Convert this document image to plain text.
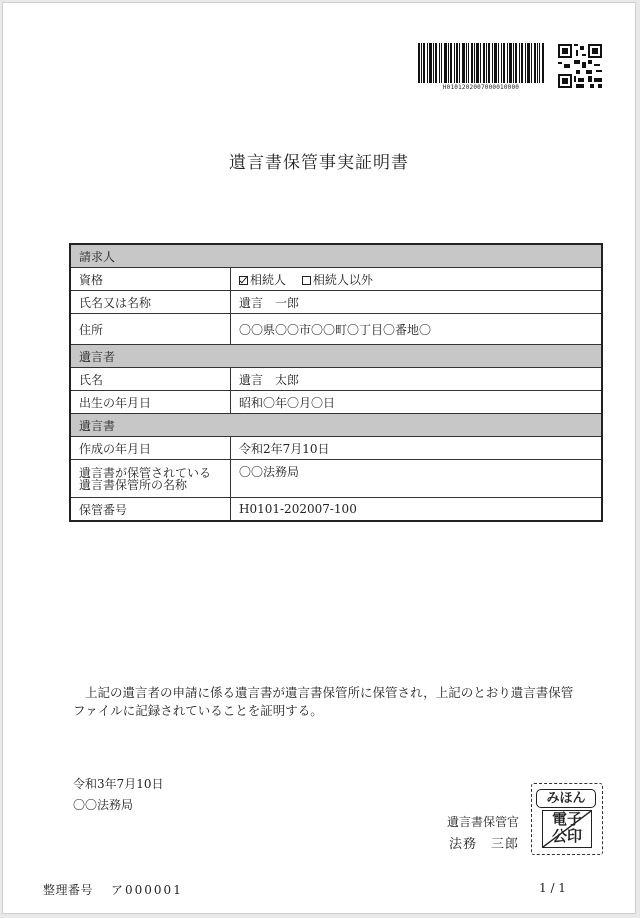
H0101202007000010000
遺言書保管事実証明書
請求人	
資格	相続人 相続人以外
氏名又は名称	遺言　一郎
住所	〇〇県〇〇市〇〇町〇丁目〇番地〇
遺言者	
氏名	遺言　太郎
出生の年月日	昭和〇年〇月〇日
遺言書	
作成の年月日	令和2年7月10日
遺言書が保管されている
遺言書保管所の名称	〇〇法務局
保管番号	H0101-202007-100
上記の遺言者の申請に係る遺言書が遺言書保管所に保管され，上記のとおり遺言書保管
ファイルに記録されていることを証明する。
令和3年7月10日
〇〇法務局
遺言書保管官
法務　三郎
みほん
電子
公印
整理番号 ア000001	1 / 1
